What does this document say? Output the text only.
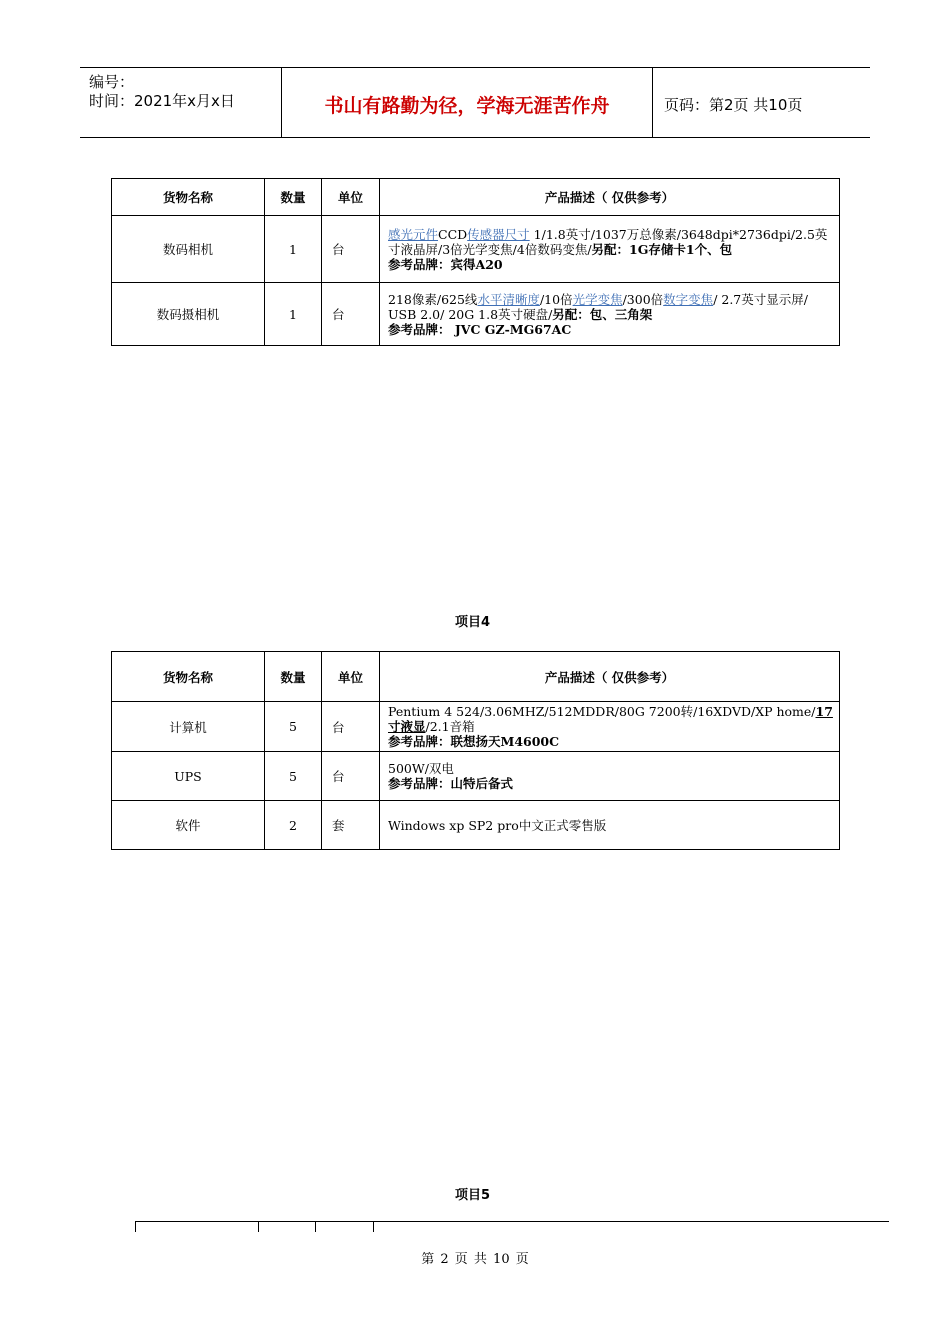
编号：
时间：2021年x月x日	书山有路勤为径，学海无涯苦作舟	页码：第2页 共10页
货物名称	数量	单位	产品描述（ 仅供参考）
数码相机	1	台	感光元件CCD传感器尺寸 1/1.8英寸/1037万总像素/3648dpi*2736dpi/2.5英寸液晶屏/3倍光学变焦/4倍数码变焦/另配：1G存储卡1个、包
参考品牌：宾得A20
数码摄相机	1	台	218像素/625线水平清晰度/10倍光学变焦/300倍数字变焦/ 2.7英寸显示屏/ USB 2.0/ 20G 1.8英寸硬盘/另配：包、三角架
参考品牌： JVC GZ-MG67AC
项目4
货物名称	数量	单位	产品描述（ 仅供参考）
计算机	5	台	Pentium 4 524/3.06MHZ/512MDDR/80G 7200转/16XDVD/XP home/17寸液显/2.1音箱
参考品牌：联想扬天M4600C
UPS	5	台	500W/双电
参考品牌：山特后备式
软件	2	套	Windows xp SP2 pro中文正式零售版
项目5
第 2 页 共 10 页
